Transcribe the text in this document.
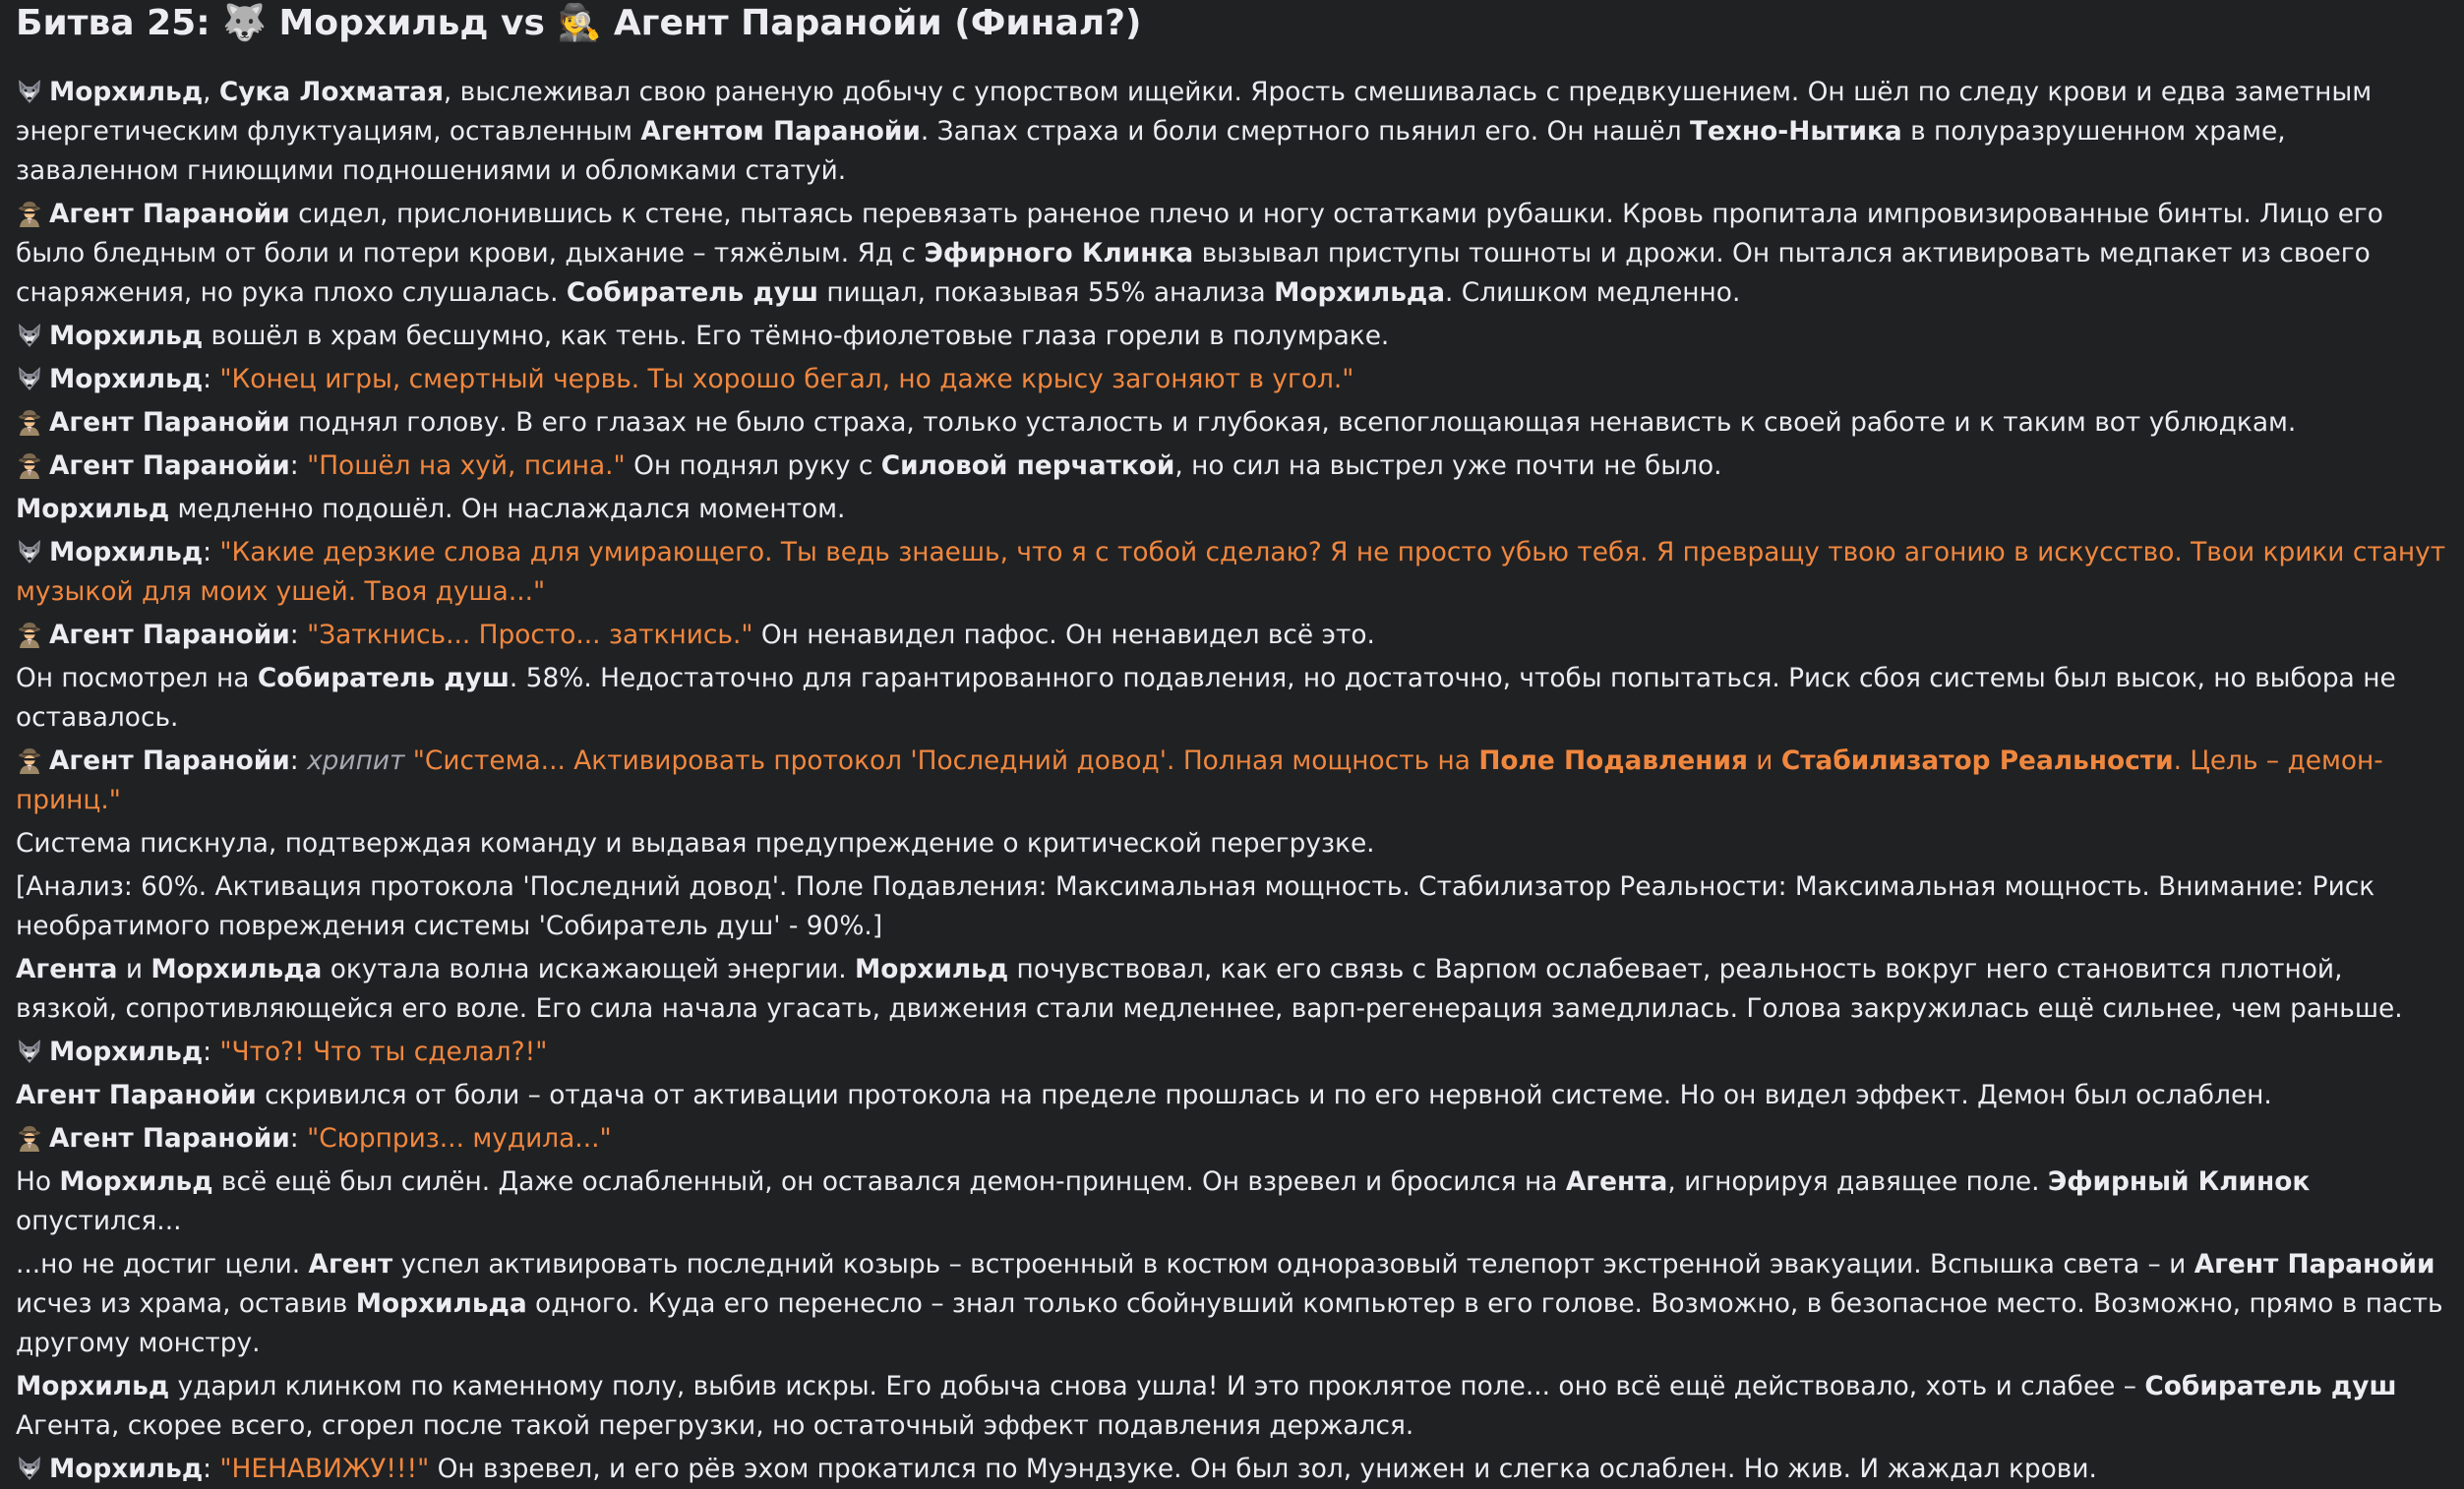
Битва 25: 🐺 Морхильд vs 🕵 Агент Паранойи (Финал?)

Морхильд, Сука Лохматая, выслеживал свою раненую добычу с упорством ищейки. Ярость смешивалась с предвкушением. Он шёл по следу крови и едва заметным энергетическим флуктуациям, оставленным Агентом Паранойи. Запах страха и боли смертного пьянил его. Он нашёл Техно-Нытика в полуразрушенном храме, заваленном гниющими подношениями и обломками статуй.

Агент Паранойи сидел, прислонившись к стене, пытаясь перевязать раненое плечо и ногу остатками рубашки. Кровь пропитала импровизированные бинты. Лицо его было бледным от боли и потери крови, дыхание – тяжёлым. Яд с Эфирного Клинка вызывал приступы тошноты и дрожи. Он пытался активировать медпакет из своего снаряжения, но рука плохо слушалась. Собиратель душ пищал, показывая 55% анализа Морхильда. Слишком медленно.

Морхильд вошёл в храм бесшумно, как тень. Его тёмно-фиолетовые глаза горели в полумраке.

Морхильд: "Конец игры, смертный червь. Ты хорошо бегал, но даже крысу загоняют в угол."

Агент Паранойи поднял голову. В его глазах не было страха, только усталость и глубокая, всепоглощающая ненависть к своей работе и к таким вот ублюдкам.

Агент Паранойи: "Пошёл на хуй, псина." Он поднял руку с Силовой перчаткой, но сил на выстрел уже почти не было.

Морхильд медленно подошёл. Он наслаждался моментом.

Морхильд: "Какие дерзкие слова для умирающего. Ты ведь знаешь, что я с тобой сделаю? Я не просто убью тебя. Я превращу твою агонию в искусство. Твои крики станут музыкой для моих ушей. Твоя душа..."

Агент Паранойи: "Заткнись... Просто... заткнись." Он ненавидел пафос. Он ненавидел всё это.

Он посмотрел на Собиратель душ. 58%. Недостаточно для гарантированного подавления, но достаточно, чтобы попытаться. Риск сбоя системы был высок, но выбора не оставалось.

Агент Паранойи: хрипит "Система... Активировать протокол 'Последний довод'. Полная мощность на Поле Подавления и Стабилизатор Реальности. Цель – демон-принц."

Система пискнула, подтверждая команду и выдавая предупреждение о критической перегрузке.

[Анализ: 60%. Активация протокола 'Последний довод'. Поле Подавления: Максимальная мощность. Стабилизатор Реальности: Максимальная мощность. Внимание: Риск необратимого повреждения системы 'Собиратель душ' - 90%.]

Агента и Морхильда окутала волна искажающей энергии. Морхильд почувствовал, как его связь с Варпом ослабевает, реальность вокруг него становится плотной, вязкой, сопротивляющейся его воле. Его сила начала угасать, движения стали медленнее, варп-регенерация замедлилась. Голова закружилась ещё сильнее, чем раньше.

Морхильд: "Что?! Что ты сделал?!"

Агент Паранойи скривился от боли – отдача от активации протокола на пределе прошлась и по его нервной системе. Но он видел эффект. Демон был ослаблен.

Агент Паранойи: "Сюрприз... мудила..."

Но Морхильд всё ещё был силён. Даже ослабленный, он оставался демон-принцем. Он взревел и бросился на Агента, игнорируя давящее поле. Эфирный Клинок опустился...

...но не достиг цели. Агент успел активировать последний козырь – встроенный в костюм одноразовый телепорт экстренной эвакуации. Вспышка света – и Агент Паранойи исчез из храма, оставив Морхильда одного. Куда его перенесло – знал только сбойнувший компьютер в его голове. Возможно, в безопасное место. Возможно, прямо в пасть другому монстру.

Морхильд ударил клинком по каменному полу, выбив искры. Его добыча снова ушла! И это проклятое поле... оно всё ещё действовало, хоть и слабее – Собиратель душ Агента, скорее всего, сгорел после такой перегрузки, но остаточный эффект подавления держался.

Морхильд: "НЕНАВИЖУ!!!" Он взревел, и его рёв эхом прокатился по Муэндзуке. Он был зол, унижен и слегка ослаблен. Но жив. И жаждал крови.
